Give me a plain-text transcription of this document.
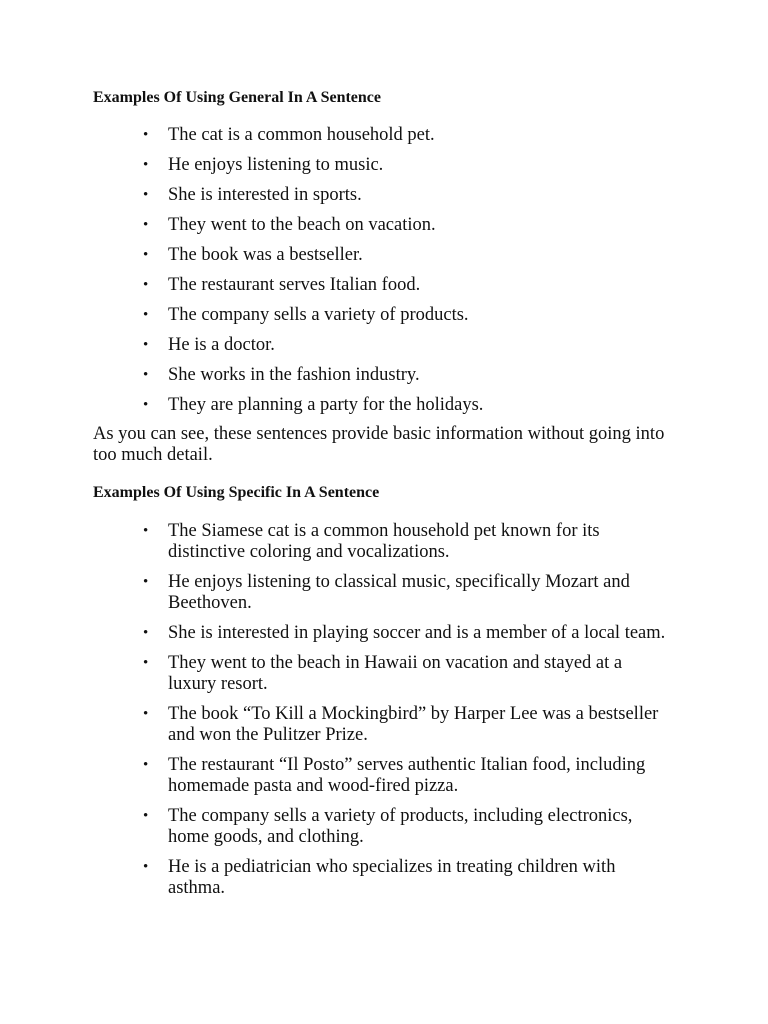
Examples Of Using General In A Sentence
• The cat is a common household pet.
• He enjoys listening to music.
• She is interested in sports.
• They went to the beach on vacation.
• The book was a bestseller.
• The restaurant serves Italian food.
• The company sells a variety of products.
• He is a doctor.
• She works in the fashion industry.
• They are planning a party for the holidays.

As you can see, these sentences provide basic information without going into too much detail.

Examples Of Using Specific In A Sentence
• The Siamese cat is a common household pet known for its distinctive coloring and vocalizations.
• He enjoys listening to classical music, specifically Mozart and Beethoven.
• She is interested in playing soccer and is a member of a local team.
• They went to the beach in Hawaii on vacation and stayed at a luxury resort.
• The book “To Kill a Mockingbird” by Harper Lee was a bestseller and won the Pulitzer Prize.
• The restaurant “Il Posto” serves authentic Italian food, including homemade pasta and wood-fired pizza.
• The company sells a variety of products, including electronics, home goods, and clothing.
• He is a pediatrician who specializes in treating children with asthma.
